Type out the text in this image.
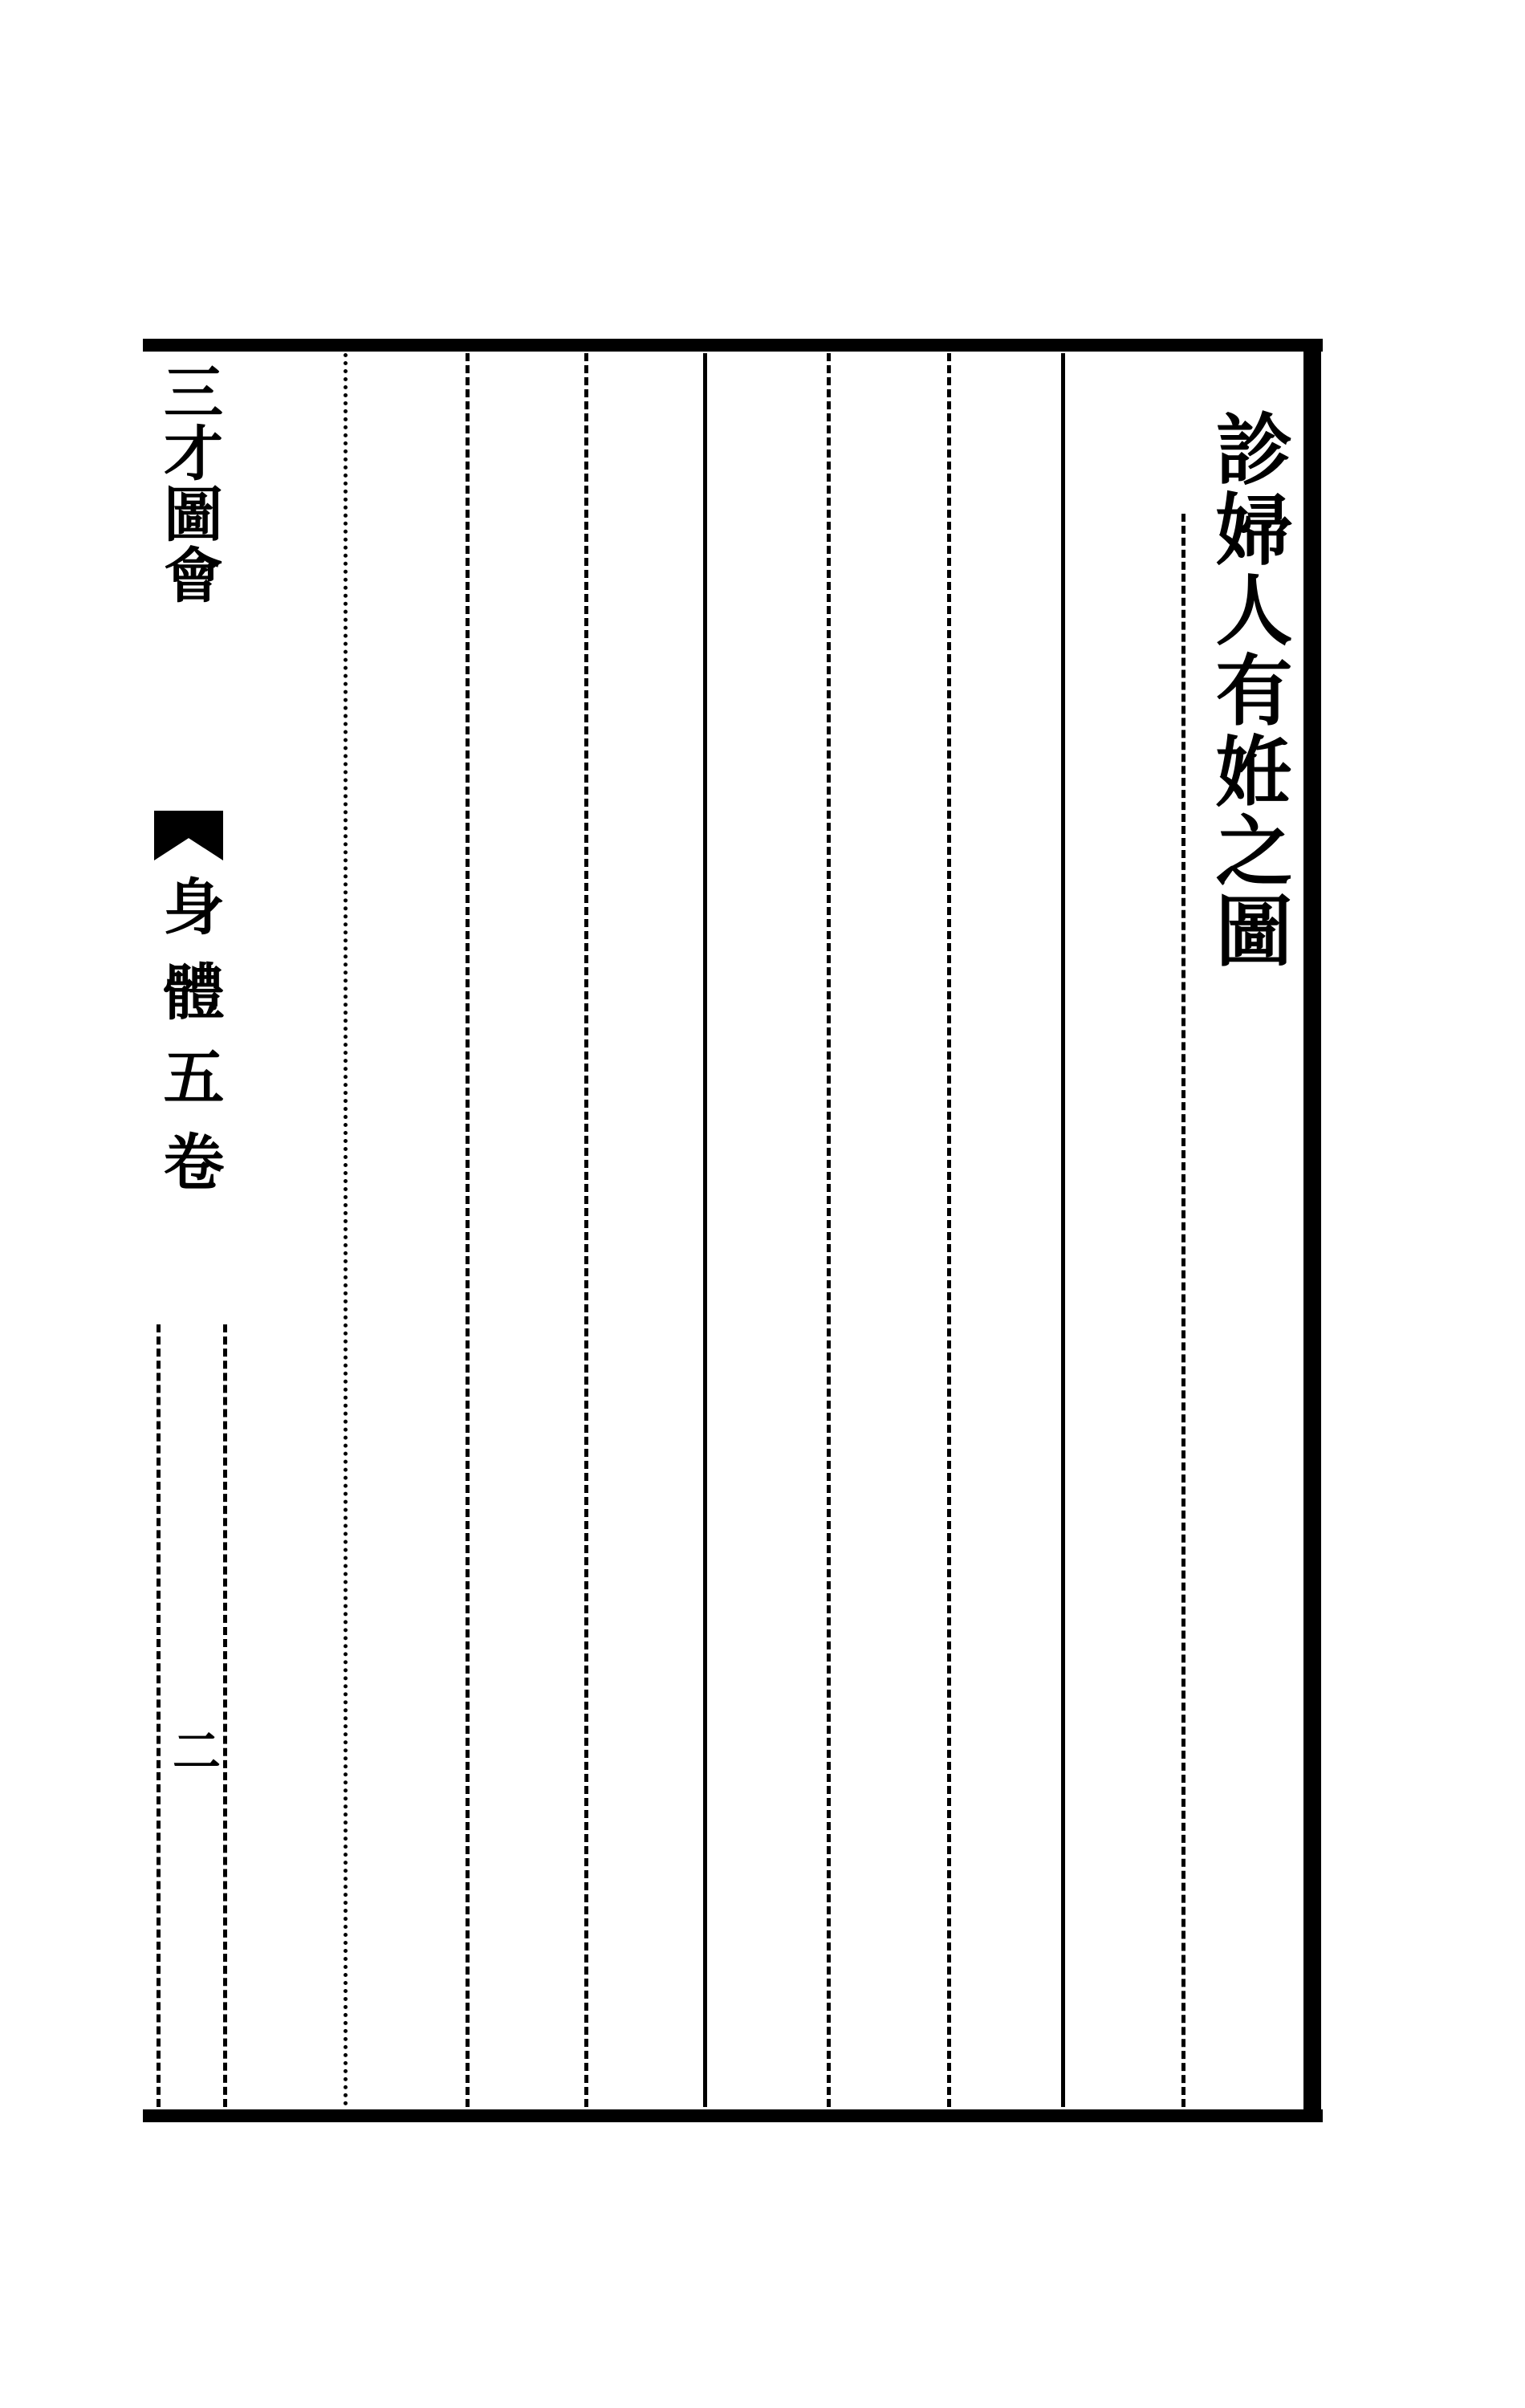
診婦人有姙之圖
三才圖會
身體五卷
二
